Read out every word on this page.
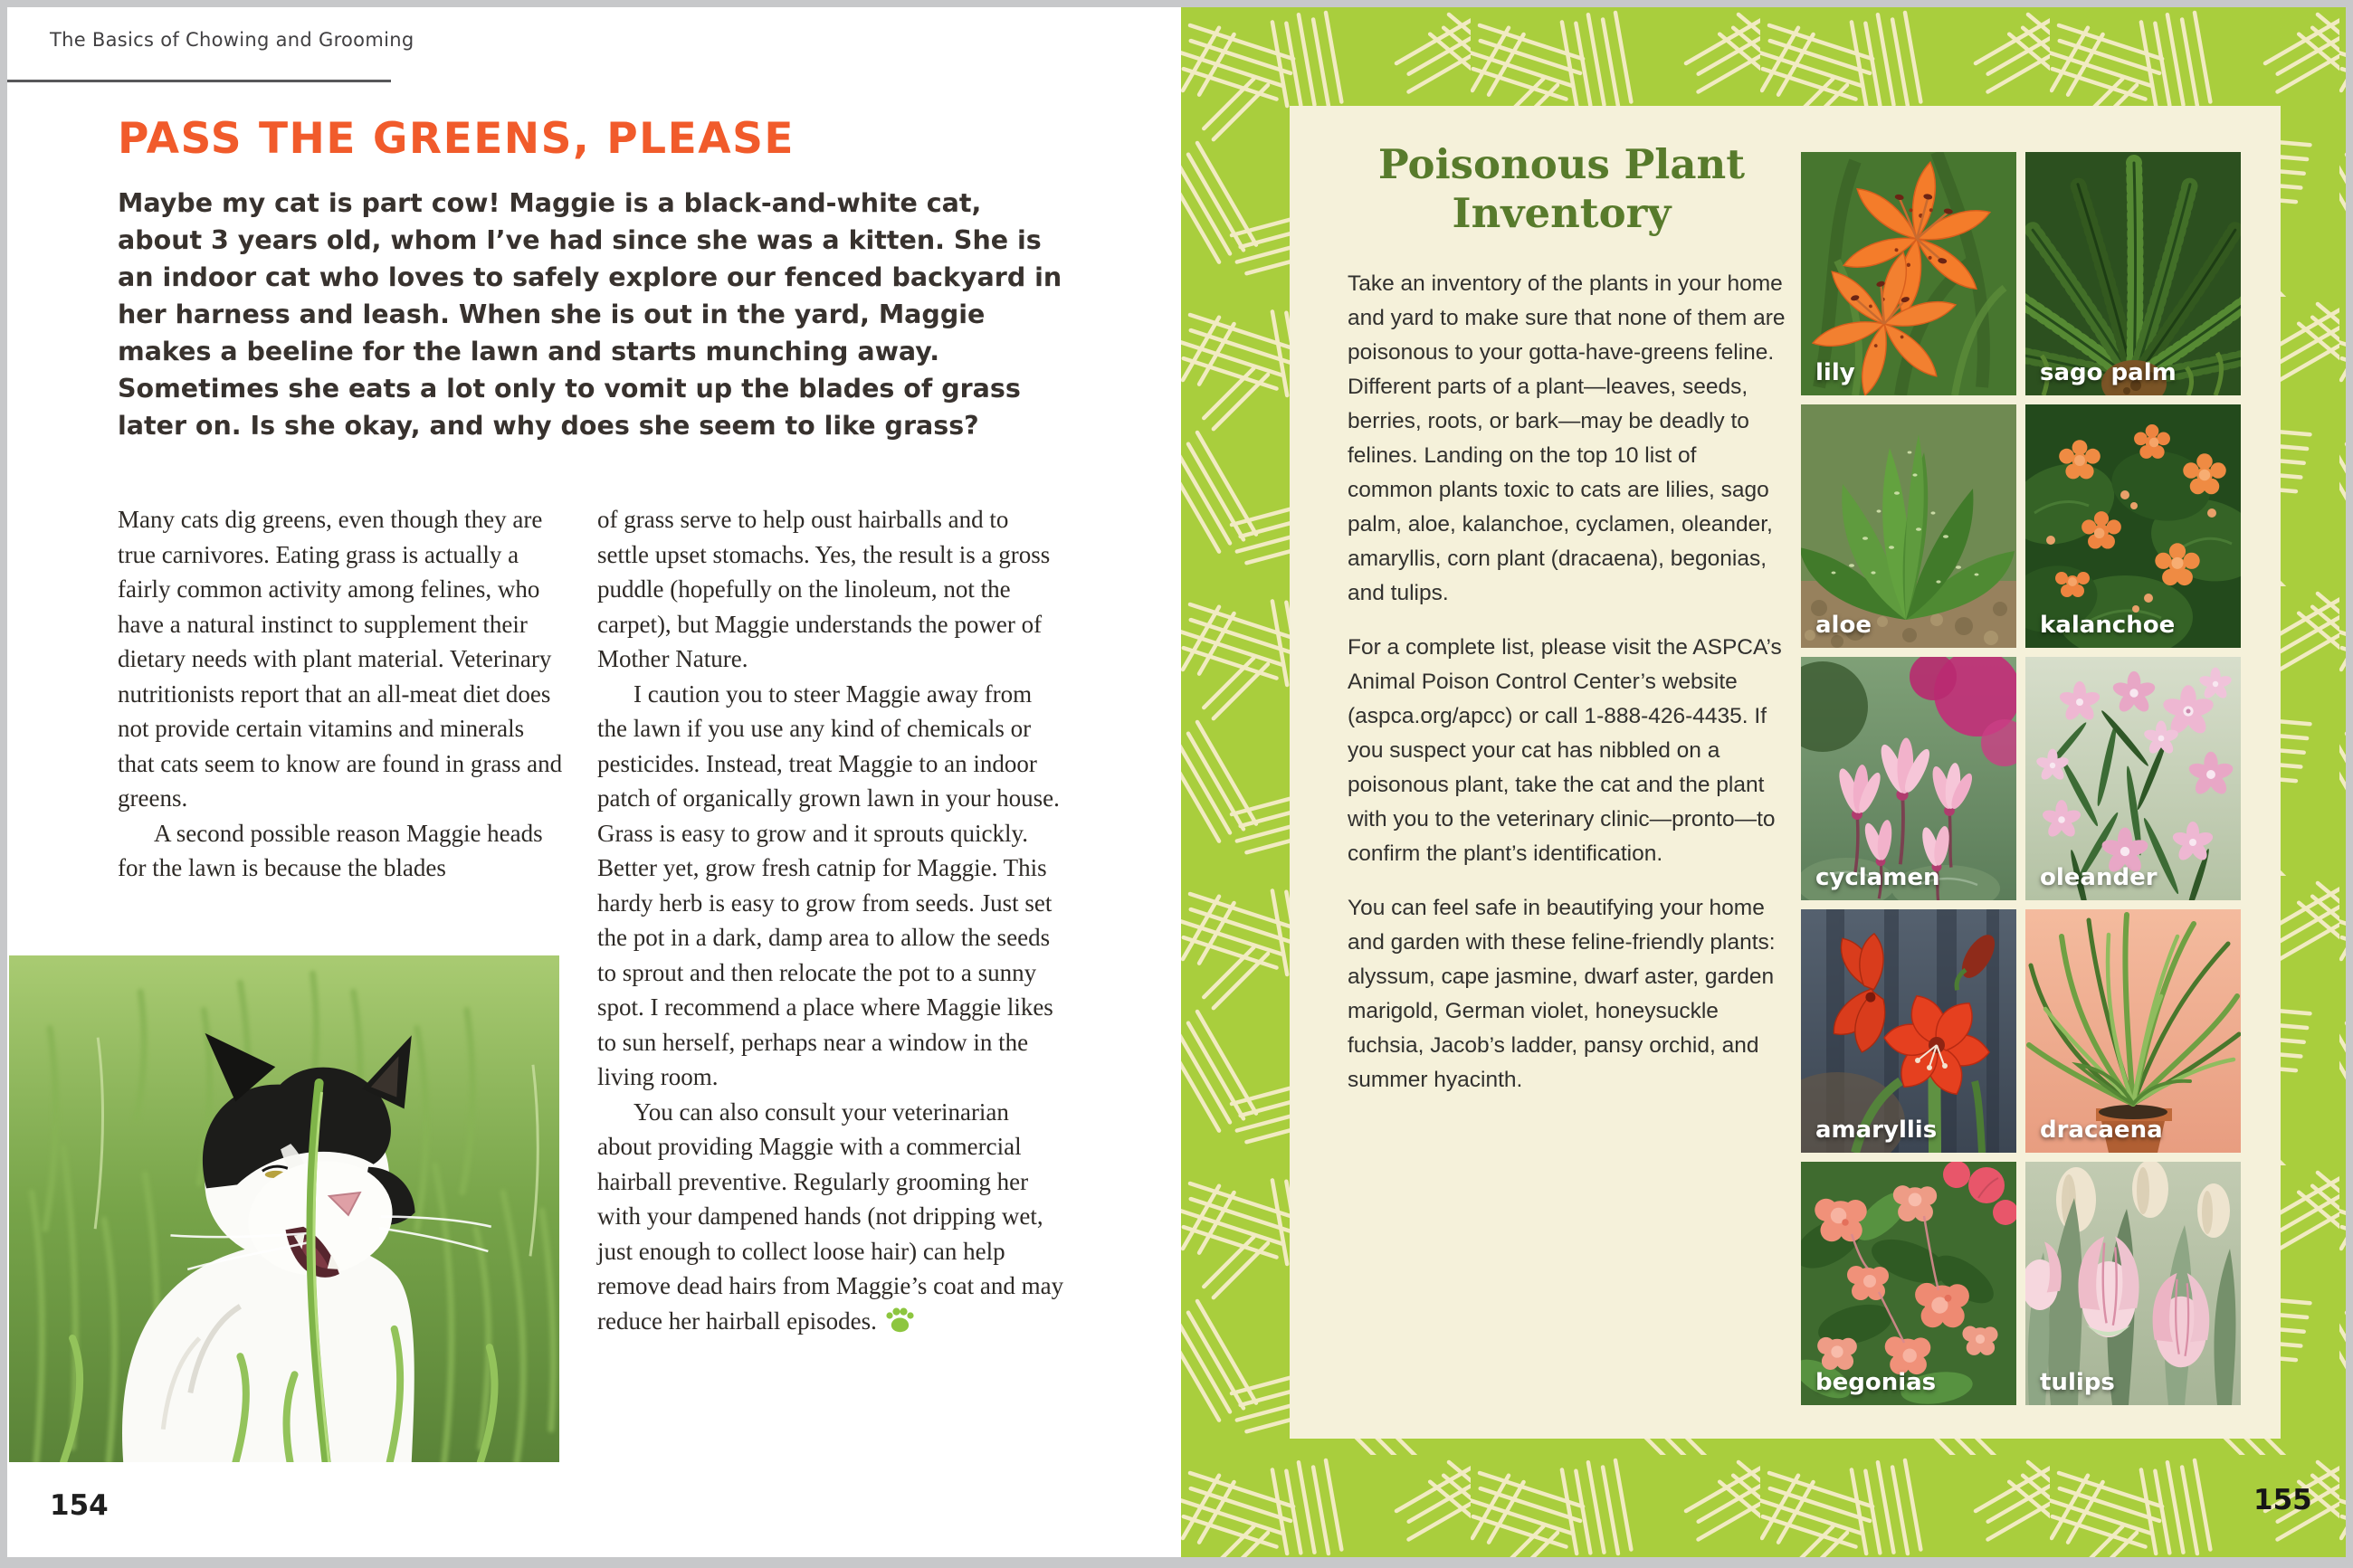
The Basics of Chowing and Grooming
PASS THE GREENS, PLEASE
Maybe my cat is part cow! Maggie is a black-and-white cat, about 3 years old, whom I’ve had since she was a kitten. She is an indoor cat who loves to safely explore our fenced backyard in her harness and leash. When she is out in the yard, Maggie makes a beeline for the lawn and starts munching away. Sometimes she eats a lot only to vomit up the blades of grass later on. Is she okay, and why does she seem to like grass?

Many cats dig greens, even though they are true carnivores. Eating grass is actually a fairly common activity among felines, who have a natural instinct to supplement their dietary needs with plant material. Veterinary nutritionists report that an all-meat diet does not provide certain vitamins and minerals that cats seem to know are found in grass and greens.

A second possible reason Maggie heads for the lawn is because the blades

of grass serve to help oust hairballs and to settle upset stomachs. Yes, the result is a gross puddle (hopefully on the linoleum, not the carpet), but Maggie understands the power of Mother Nature.

I caution you to steer Maggie away from the lawn if you use any kind of chemicals or pesticides. Instead, treat Maggie to an indoor patch of organically grown lawn in your house. Grass is easy to grow and it sprouts quickly. Better yet, grow fresh catnip for Maggie. This hardy herb is easy to grow from seeds. Just set the pot in a dark, damp area to allow the seeds to sprout and then relocate the pot to a sunny spot. I recommend a place where Maggie likes to sun herself, perhaps near a window in the living room.

You can also consult your veterinarian about providing Maggie with a commercial hairball preventive. Regularly grooming her with your dampened hands (not dripping wet, just enough to collect loose hair) can help remove dead hairs from Maggie’s coat and may reduce her hairball episodes.

154
Poisonous Plant
Inventory

Take an inventory of the plants in your home and yard to make sure that none of them are poisonous to your gotta-have-greens feline. Different parts of a plant—leaves, seeds, berries, roots, or bark—may be deadly to felines. Landing on the top 10 list of common plants toxic to cats are lilies, sago palm, aloe, kalanchoe, cyclamen, oleander, amaryllis, corn plant (dracaena), begonias, and tulips.

For a complete list, please visit the ASPCA’s Animal Poison Control Center’s website (aspca.org/apcc) or call 1-888-426-4435. If you suspect your cat has nibbled on a poisonous plant, take the cat and the plant with you to the veterinary clinic—pronto—to confirm the plant’s identification.

You can feel safe in beautifying your home and garden with these feline-friendly plants: alyssum, cape jasmine, dwarf aster, garden marigold, German violet, honeysuckle fuchsia, Jacob’s ladder, pansy orchid, and summer hyacinth.

lily	sago palm
aloe	kalanchoe
cyclamen	oleander
amaryllis	dracaena
begonias	tulips
155
